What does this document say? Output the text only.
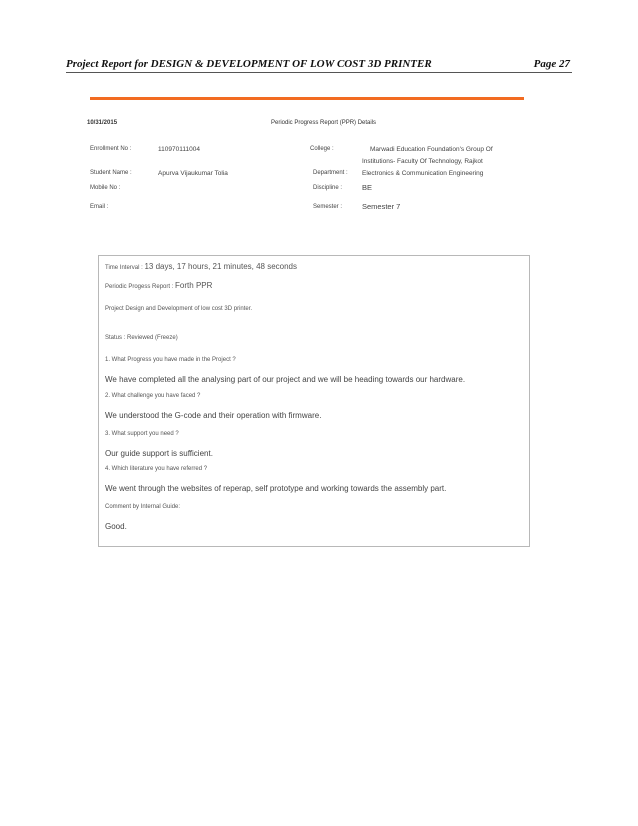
Project Report for DESIGN & DEVELOPMENT OF LOW COST 3D PRINTER	Page 27
10/31/2015	Periodic Progress Report (PPR) Details
Enrollment No :	110970111004
Student Name :	Apurva Vijaukumar Tolia
Mobile No :
Email :
College :	Marwadi Education Foundation's Group Of
Institutions- Faculty Of Technology, Rajkot
Department : Electronics & Communication Engineering
Discipline :	BE
Semester :	Semester 7
Time Interval : 13 days, 17 hours, 21 minutes, 48 seconds
Periodic Progess Report : Forth PPR
Project Design and Development of low cost 3D printer.
Status : Reviewed (Freeze)
1. What Progress you have made in the Project ?
We have completed all the analysing part of our project and we will be heading towards our hardware.
2. What challenge you have faced ?
We understood the G-code and their operation with firmware.
3. What support you need ?
Our guide support is sufficient.
4. Which literature you have referred ?
We went through the websites of reperap, self prototype and working towards the assembly part.
Comment by Internal Guide:
Good.
